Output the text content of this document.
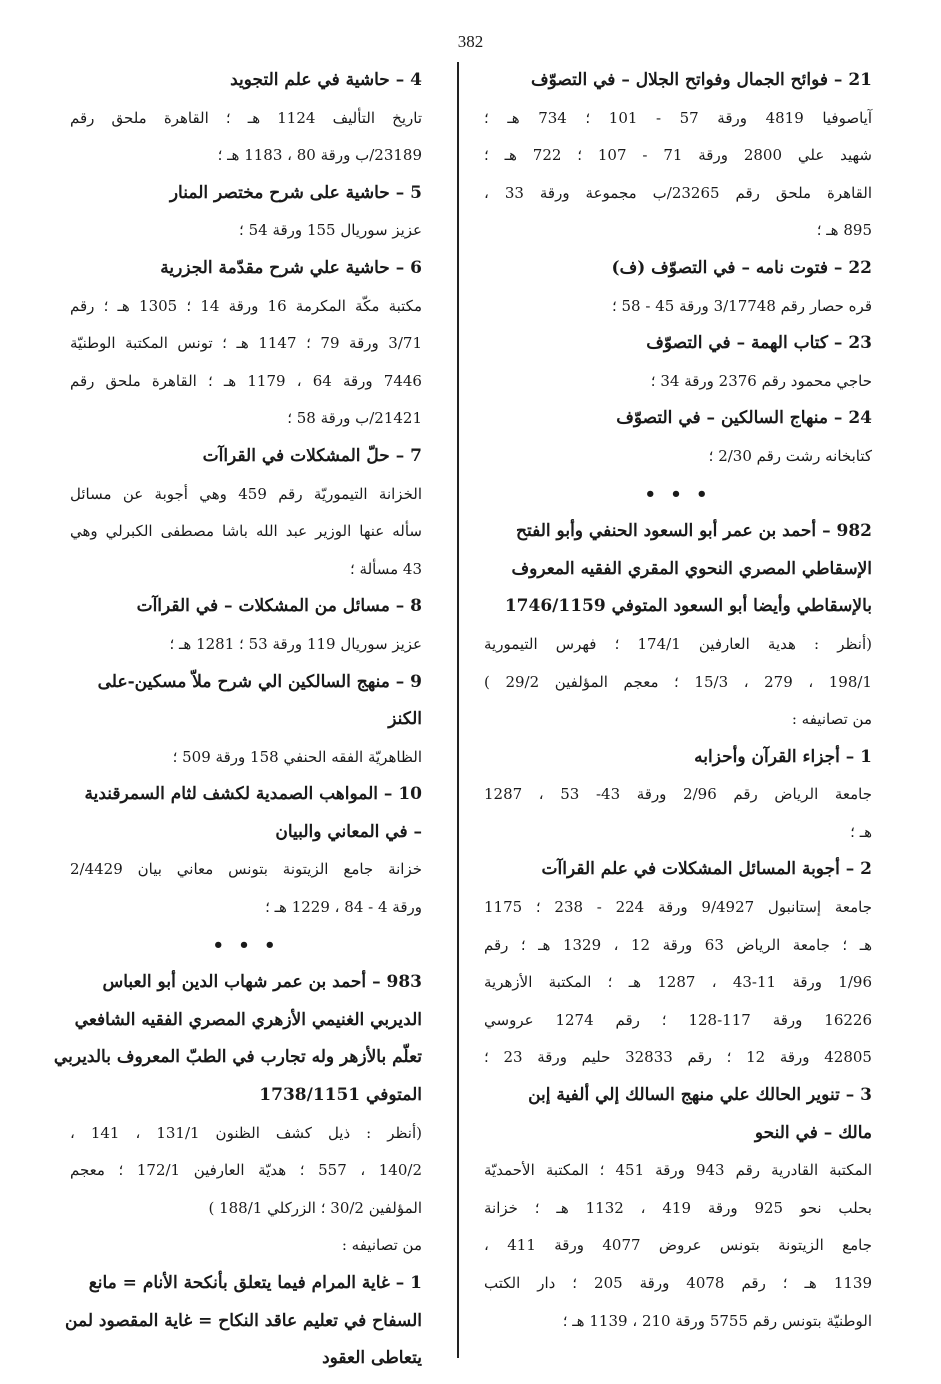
382
21 – فوائح الجمال وفواتح الجلال – في التصوّف
آياصوفيا 4819 ورقة 57 - 101 ؛ 734 هـ ؛
شهيد علي 2800 ورقة 71 - 107 ؛ 722 هـ ؛
القاهرة ملحق رقم 23265/ب مجموعة ورقة 33 ،
895 هـ ؛
22 – فتوت نامه – في التصوّف (ف)
قره حصار رقم 3/17748 ورقة 45 - 58 ؛
23 – كتاب الهمة – في التصوّف
حاجي محمود رقم 2376 ورقة 34 ؛
24 – منهاج السالكين – في التصوّف
كتابخانه رشت رقم 2/30 ؛
• • •
982 – أحمد بن عمر أبو السعود الحنفي وأبو الفتح
الإسقاطي المصري النحوي المقري الفقيه المعروف
بالإسقاطي وأيضا أبو السعود المتوفي 1746/1159
(أنظر : هدية العارفين 174/1 ؛ فهرس التيمورية
198/1 ، 279 ، 15/3 ؛ معجم المؤلفين 29/2 )
من تصانيفه :
1 – أجزاء القرآن وأحزابه
جامعة الرياض رقم 2/96 ورقة 43- 53 ، 1287
هـ ؛
2 – أجوبة المسائل المشكلات في علم القراآت
جامعة إستانبول 9/4927 ورقة 224 - 238 ؛ 1175
هـ ؛ جامعة الرياض 63 ورقة 12 ، 1329 هـ ؛ رقم
1/96 ورقة 11-43 ، 1287 هـ ؛ المكتبة الأزهرية
16226 ورقة 117-128 ؛ رقم 1274 عروسي
42805 ورقة 12 ؛ رقم 32833 حليم ورقة 23 ؛
3 – تنوير الحالك علي منهج السالك إلي ألفية إبن
مالك – في النحو
المكتبة القادرية رقم 943 ورقة 451 ؛ المكتبة الأحمديّة
بحلب نحو 925 ورقة 419 ، 1132 هـ ؛ خزانة
جامع الزيتونة بتونس عروض 4077 ورقة 411 ،
1139 هـ ؛ رقم 4078 ورقة 205 ؛ دار الكتب
الوطنيّة بتونس رقم 5755 ورقة 210 ، 1139 هـ ؛
4 – حاشية في علم التجويد
تاريخ التأليف 1124 هـ ؛ القاهرة ملحق رقم
23189/ب ورقة 80 ، 1183 هـ ؛
5 – حاشية على شرح مختصر المنار
عزيز سوريال 155 ورقة 54 ؛
6 – حاشية علي شرح مقدّمة الجزرية
مكتبة مكّة المكرمة 16 ورقة 14 ؛ 1305 هـ ؛ رقم
3/71 ورقة 79 ؛ 1147 هـ ؛ تونس المكتبة الوطنيّة
7446 ورقة 64 ، 1179 هـ ؛ القاهرة ملحق رقم
21421/ب ورقة 58 ؛
7 – حلّ المشكلات في القراآت
الخزانة التيموريّة رقم 459 وهي أجوبة عن مسائل
سأله عنها الوزير عبد الله باشا مصطفى الكبرلي وهي
43 مسألة ؛
8 – مسائل من المشكلات – في القراآت
عزيز سوريال 119 ورقة 53 ؛ 1281 هـ ؛
9 – منهج السالكين الي شرح ملاّ مسكين-على
الكنز
الظاهريّة الفقه الحنفي 158 ورقة 509 ؛
10 – المواهب الصمدية لكشف لثام السمرقندية
– في المعاني والبيان
خزانة جامع الزيتونة بتونس معاني بيان 2/4429
ورقة 4 - 84 ، 1229 هـ ؛
• • •
983 – أحمد بن عمر شهاب الدين أبو العباس
الديربي الغنيمي الأزهري المصري الفقيه الشافعي
تعلّم بالأزهر وله تجارب في الطبّ المعروف بالديربي
المتوفي 1738/1151
(أنظر : ذيل كشف الظنون 131/1 ، 141 ،
140/2 ، 557 ؛ هديّة العارفين 172/1 ؛ معجم
المؤلفين 30/2 ؛ الزركلي 188/1 )
من تصانيفه :
1 – غاية المرام فيما يتعلق بأنكحة الأنام = مانع
السفاح في تعليم عاقد النكاح = غاية المقصود لمن
يتعاطى العقود
